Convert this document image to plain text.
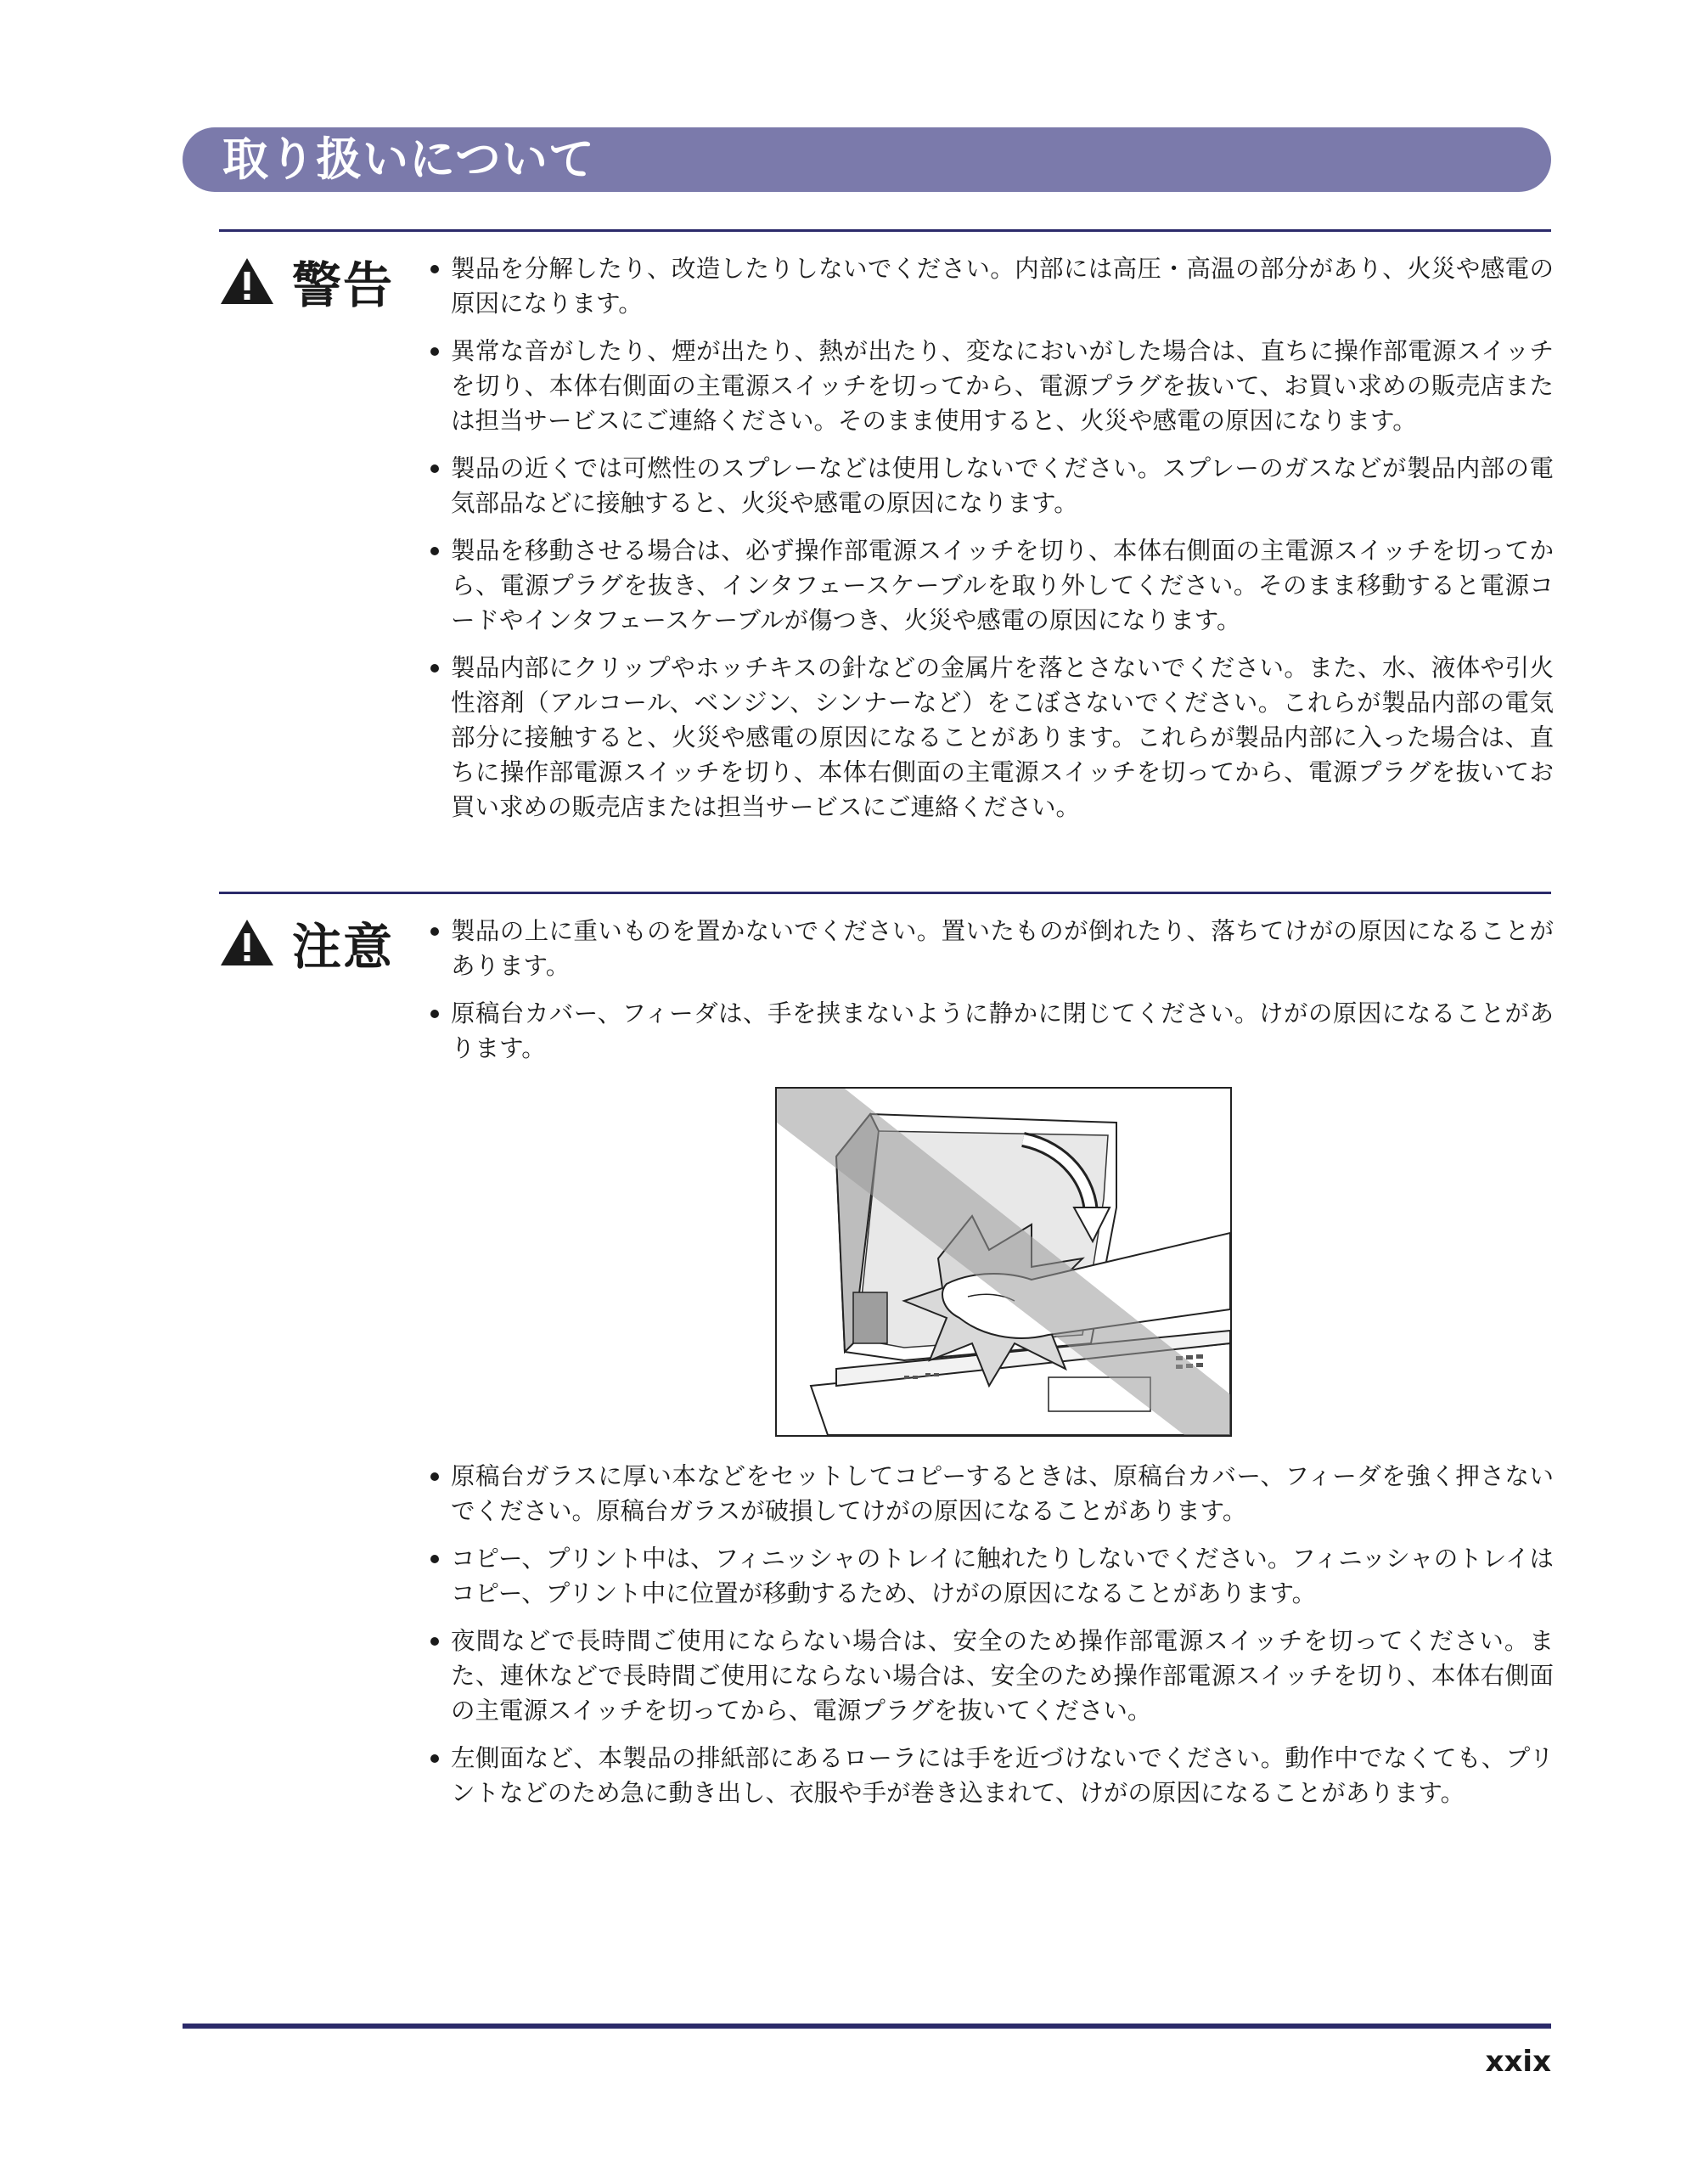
取り扱いについて
警告	製品を分解したり、改造したりしないでください。内部には高圧・高温の部分があり、火災や感電の原因になります。
異常な音がしたり、煙が出たり、熱が出たり、変なにおいがした場合は、直ちに操作部電源スイッチを切り、本体右側面の主電源スイッチを切ってから、電源プラグを抜いて、お買い求めの販売店または担当サービスにご連絡ください。そのまま使用すると、火災や感電の原因になります。
製品の近くでは可燃性のスプレーなどは使用しないでください。スプレーのガスなどが製品内部の電気部品などに接触すると、火災や感電の原因になります。
製品を移動させる場合は、必ず操作部電源スイッチを切り、本体右側面の主電源スイッチを切ってから、電源プラグを抜き、インタフェースケーブルを取り外してください。そのまま移動すると電源コードやインタフェースケーブルが傷つき、火災や感電の原因になります。
製品内部にクリップやホッチキスの針などの金属片を落とさないでください。また、水、液体や引火性溶剤（アルコール、ベンジン、シンナーなど）をこぼさないでください。これらが製品内部の電気部分に接触すると、火災や感電の原因になることがあります。これらが製品内部に入った場合は、直ちに操作部電源スイッチを切り、本体右側面の主電源スイッチを切ってから、電源プラグを抜いてお買い求めの販売店または担当サービスにご連絡ください。
注意	製品の上に重いものを置かないでください。置いたものが倒れたり、落ちてけがの原因になることがあります。
原稿台カバー、フィーダは、手を挟まないように静かに閉じてください。けがの原因になることがあります。
原稿台ガラスに厚い本などをセットしてコピーするときは、原稿台カバー、フィーダを強く押さないでください。原稿台ガラスが破損してけがの原因になることがあります。
コピー、プリント中は、フィニッシャのトレイに触れたりしないでください。フィニッシャのトレイはコピー、プリント中に位置が移動するため、けがの原因になることがあります。
夜間などで長時間ご使用にならない場合は、安全のため操作部電源スイッチを切ってください。また、連休などで長時間ご使用にならない場合は、安全のため操作部電源スイッチを切り、本体右側面の主電源スイッチを切ってから、電源プラグを抜いてください。
左側面など、本製品の排紙部にあるローラには手を近づけないでください。動作中でなくても、プリントなどのため急に動き出し、衣服や手が巻き込まれて、けがの原因になることがあります。
xxix
